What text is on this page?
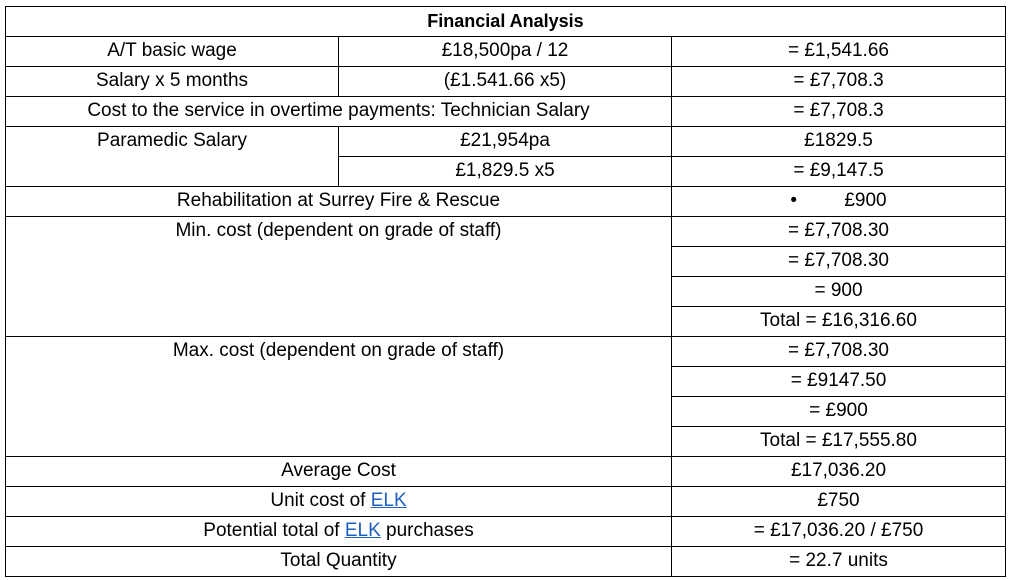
Financial Analysis		
A/T basic wage	£18,500pa / 12	= £1,541.66
Salary x 5 months	(£1.541.66 x5)	= £7,708.3
Cost to the service in overtime payments: Technician Salary		= £7,708.3
Paramedic Salary	£21,954pa	£1829.5
	£1,829.5 x5	= £9,147.5
Rehabilitation at Surrey Fire & Rescue		• £900
Min. cost (dependent on grade of staff)		= £7,708.30
		= £7,708.30
		= 900
		Total = £16,316.60
Max. cost (dependent on grade of staff)		= £7,708.30
		= £9147.50
		= £900
		Total = £17,555.80
Average Cost		£17,036.20
Unit cost of ELK		£750
Potential total of ELK purchases		= £17,036.20 / £750
Total Quantity		= 22.7 units
